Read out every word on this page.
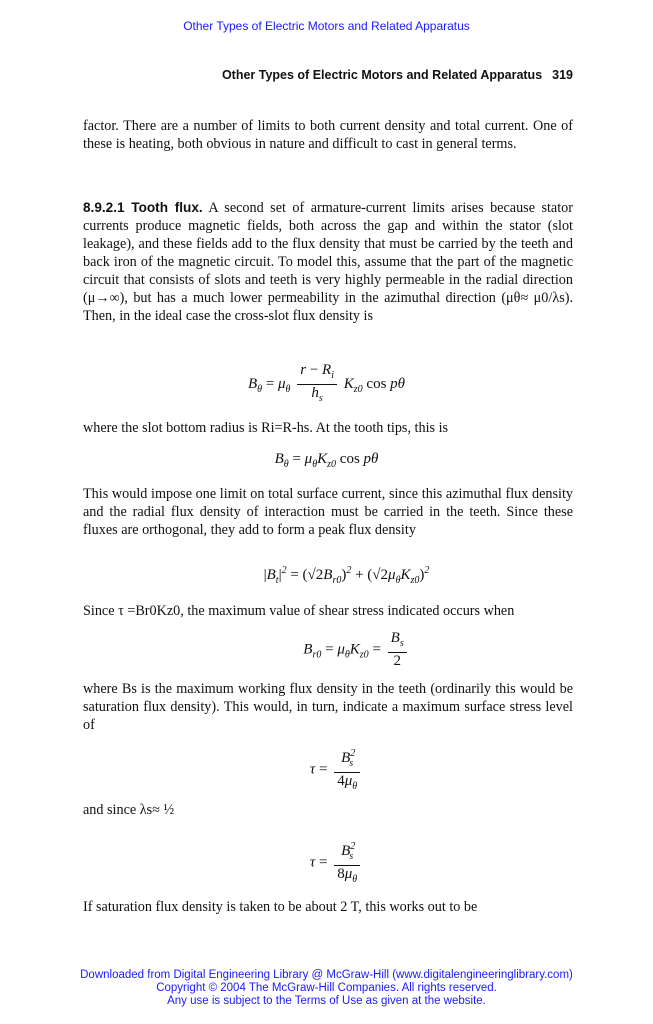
Other Types of Electric Motors and Related Apparatus
Other Types of Electric Motors and Related Apparatus 319

factor. There are a number of limits to both current density and total current. One of these is heating, both obvious in nature and difficult to cast in general terms.

8.9.2.1 Tooth flux. A second set of armature-current limits arises because stator currents produce magnetic fields, both across the gap and within the stator (slot leakage), and these fields add to the flux density that must be carried by the teeth and back iron of the magnetic circuit. To model this, assume that the part of the magnetic circuit that consists of slots and teeth is very highly permeable in the radial direction (μ→∞), but has a much lower permeability in the azimuthal direction (μθ≈ μ0/λs). Then, in the ideal case the cross-slot flux density is

$B_\theta = \mu_\theta \frac{r - R_i}{h_s} K_{z0}$ cos pθ

where the slot bottom radius is Ri=R-hs. At the tooth tips, this is

$B_\theta = \mu_\theta K_{z0}$ cos pθ

This would impose one limit on total surface current, since this azimuthal flux density and the radial flux density of interaction must be carried in the teeth. Since these fluxes are orthogonal, they add to form a peak flux density

$|B_t|^2 = (√2B_{r0})^2 + (√2\mu_\theta K_{z0})^2$

Since τ =Br0Kz0, the maximum value of shear stress indicated occurs when

$B_{r0} = \mu_\theta K_{z0} = \frac{B_s}{2}$

where Bs is the maximum working flux density in the teeth (ordinarily this would be saturation flux density). This would, in turn, indicate a maximum surface stress level of

$\tau = \frac{B^2_s}{4\mu_\theta}$

and since λs≈ ½

$\tau = \frac{B^2_s}{8\mu_\theta}$

If saturation flux density is taken to be about 2 T, this works out to be

Downloaded from Digital Engineering Library @ McGraw-Hill (www.digitalengineeringlibrary.com)
Copyright © 2004 The McGraw-Hill Companies. All rights reserved.
Any use is subject to the Terms of Use as given at the website.
